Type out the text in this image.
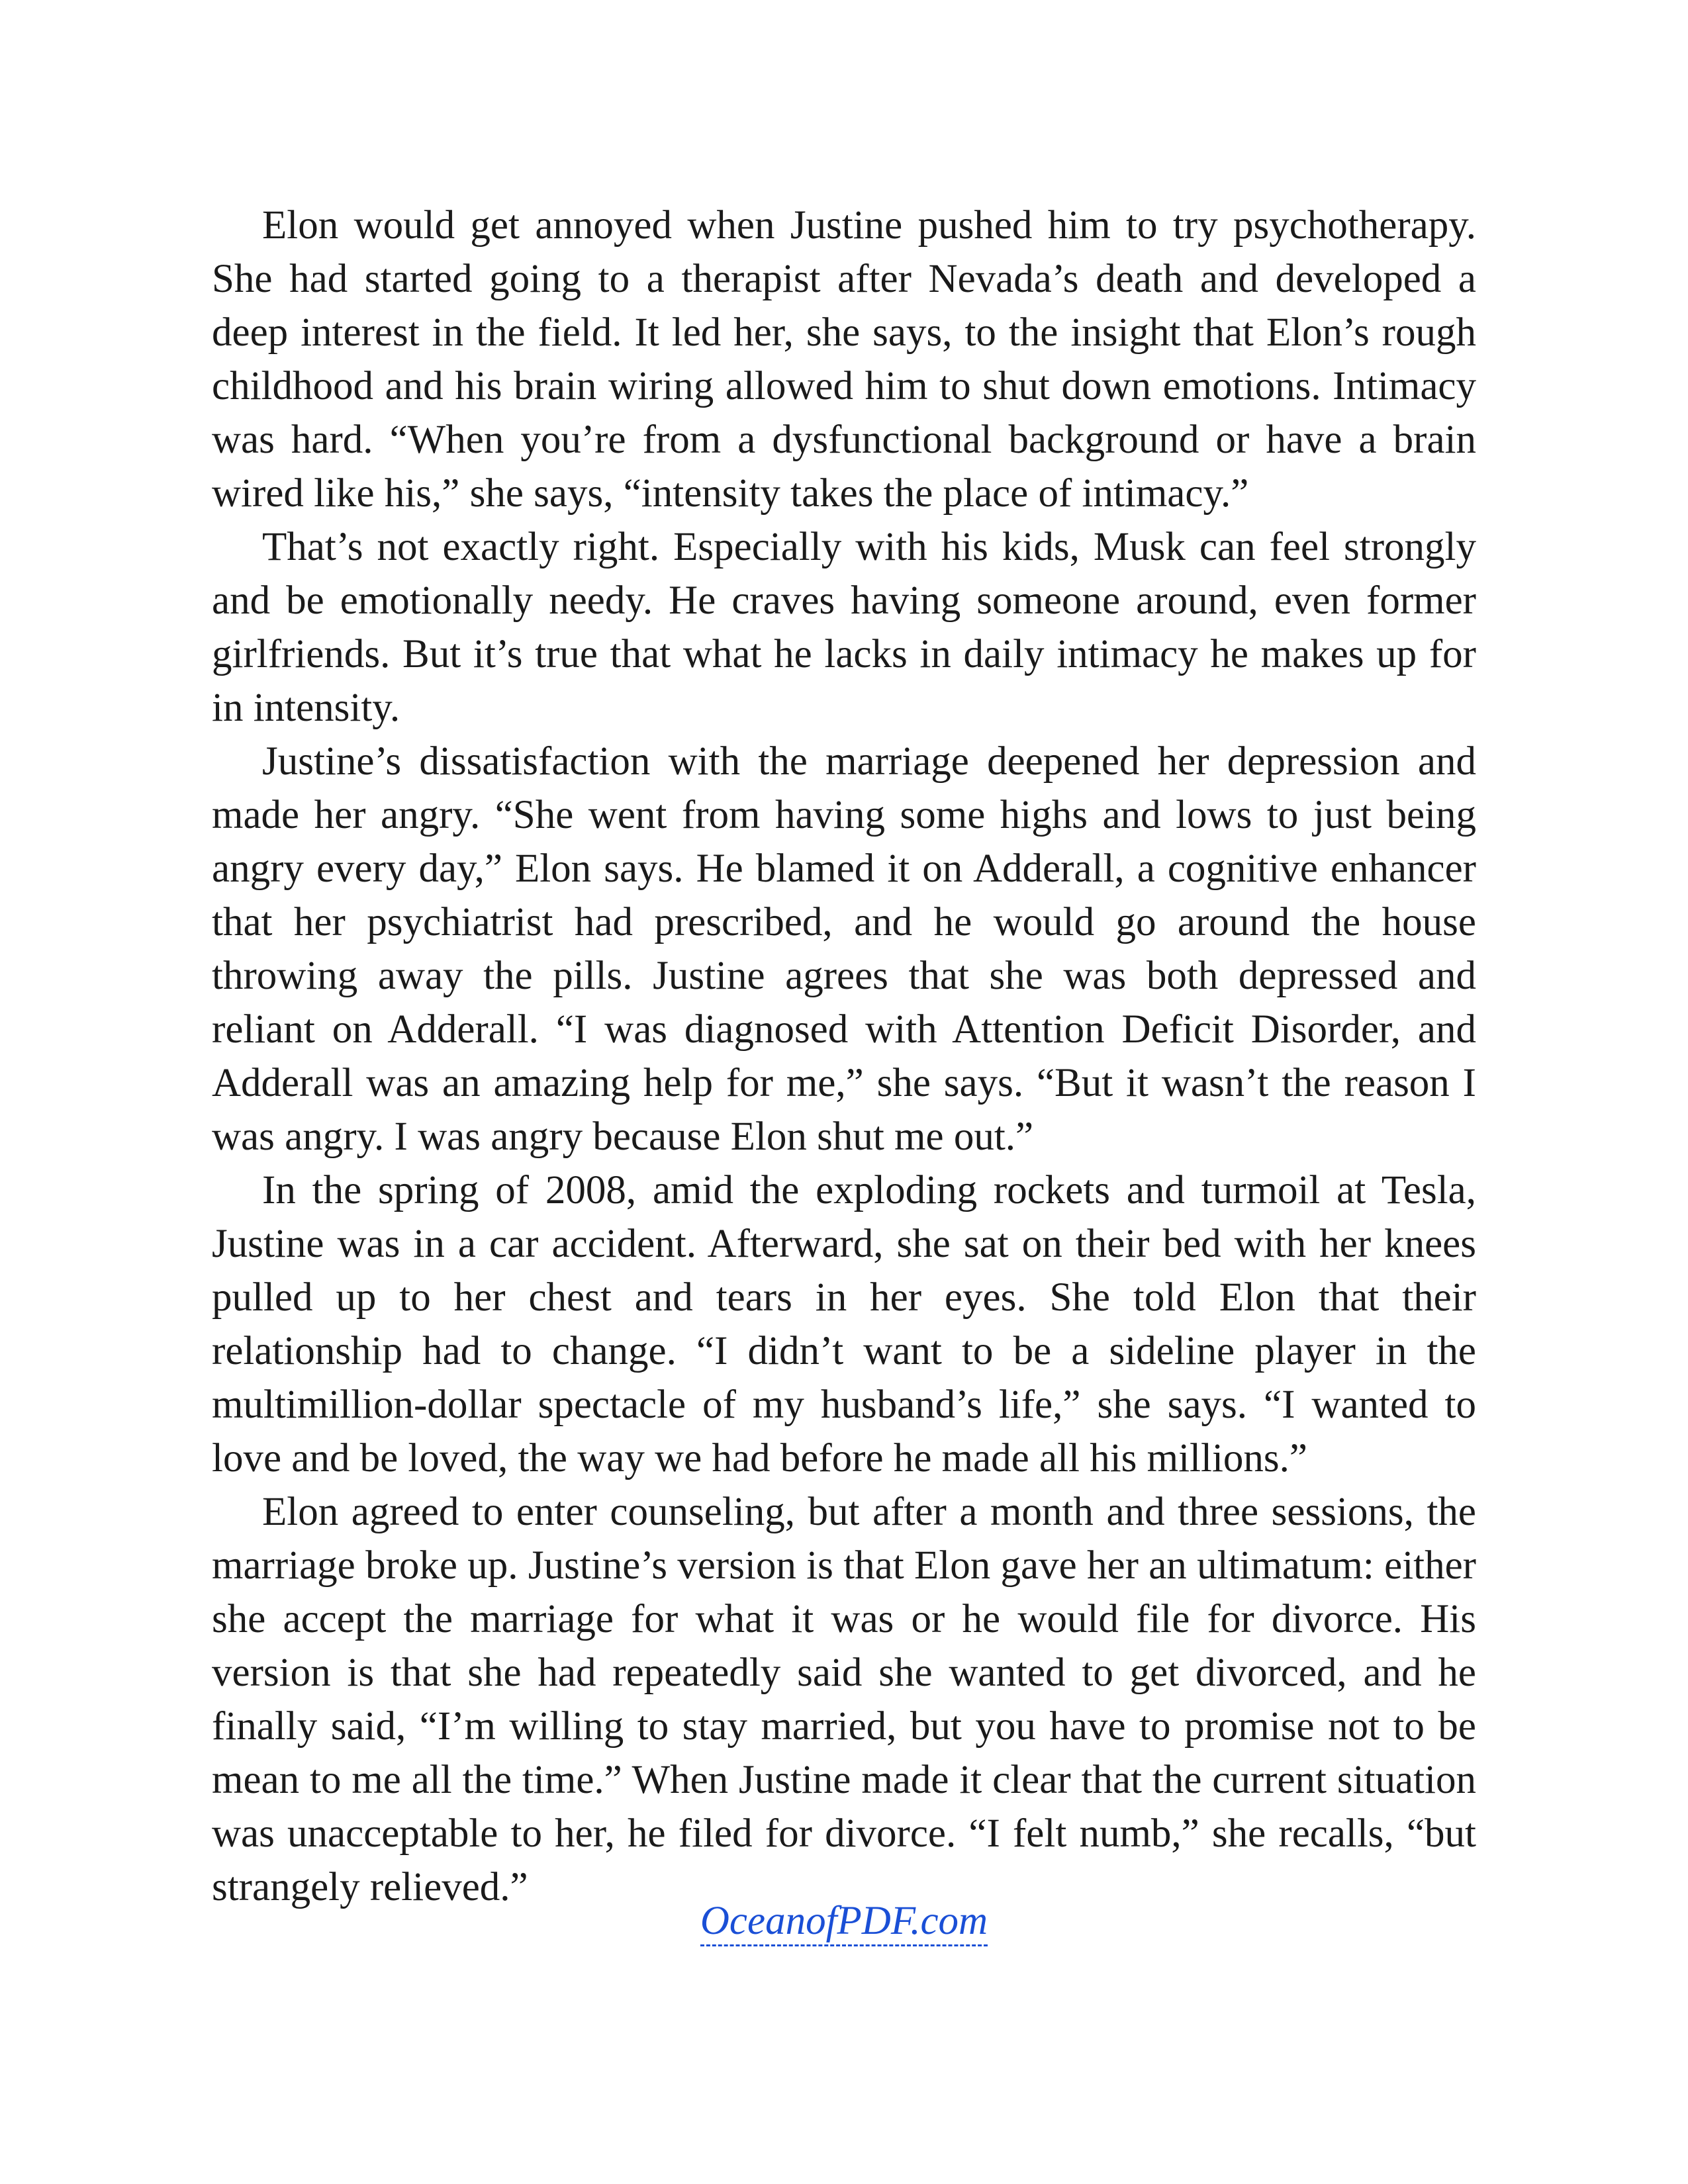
Elon would get annoyed when Justine pushed him to try psychotherapy. She had started going to a therapist after Nevada’s death and developed a deep interest in the field. It led her, she says, to the insight that Elon’s rough childhood and his brain wiring allowed him to shut down emotions. Intimacy was hard. “When you’re from a dysfunctional background or have a brain wired like his,” she says, “intensity takes the place of intimacy.”

That’s not exactly right. Especially with his kids, Musk can feel strongly and be emotionally needy. He craves having someone around, even former girlfriends. But it’s true that what he lacks in daily intimacy he makes up for in intensity.

Justine’s dissatisfaction with the marriage deepened her depression and made her angry. “She went from having some highs and lows to just being angry every day,” Elon says. He blamed it on Adderall, a cognitive enhancer that her psychiatrist had prescribed, and he would go around the house throwing away the pills. Justine agrees that she was both depressed and reliant on Adderall. “I was diagnosed with Attention Deficit Disorder, and Adderall was an amazing help for me,” she says. “But it wasn’t the reason I was angry. I was angry because Elon shut me out.”

In the spring of 2008, amid the exploding rockets and turmoil at Tesla, Justine was in a car accident. Afterward, she sat on their bed with her knees pulled up to her chest and tears in her eyes. She told Elon that their relationship had to change. “I didn’t want to be a sideline player in the multimillion-dollar spectacle of my husband’s life,” she says. “I wanted to love and be loved, the way we had before he made all his millions.”

Elon agreed to enter counseling, but after a month and three sessions, the marriage broke up. Justine’s version is that Elon gave her an ultimatum: either she accept the marriage for what it was or he would file for divorce. His version is that she had repeatedly said she wanted to get divorced, and he finally said, “I’m willing to stay married, but you have to promise not to be mean to me all the time.” When Justine made it clear that the current situation was unacceptable to her, he filed for divorce. “I felt numb,” she recalls, “but strangely relieved.”

OceanofPDF.com
